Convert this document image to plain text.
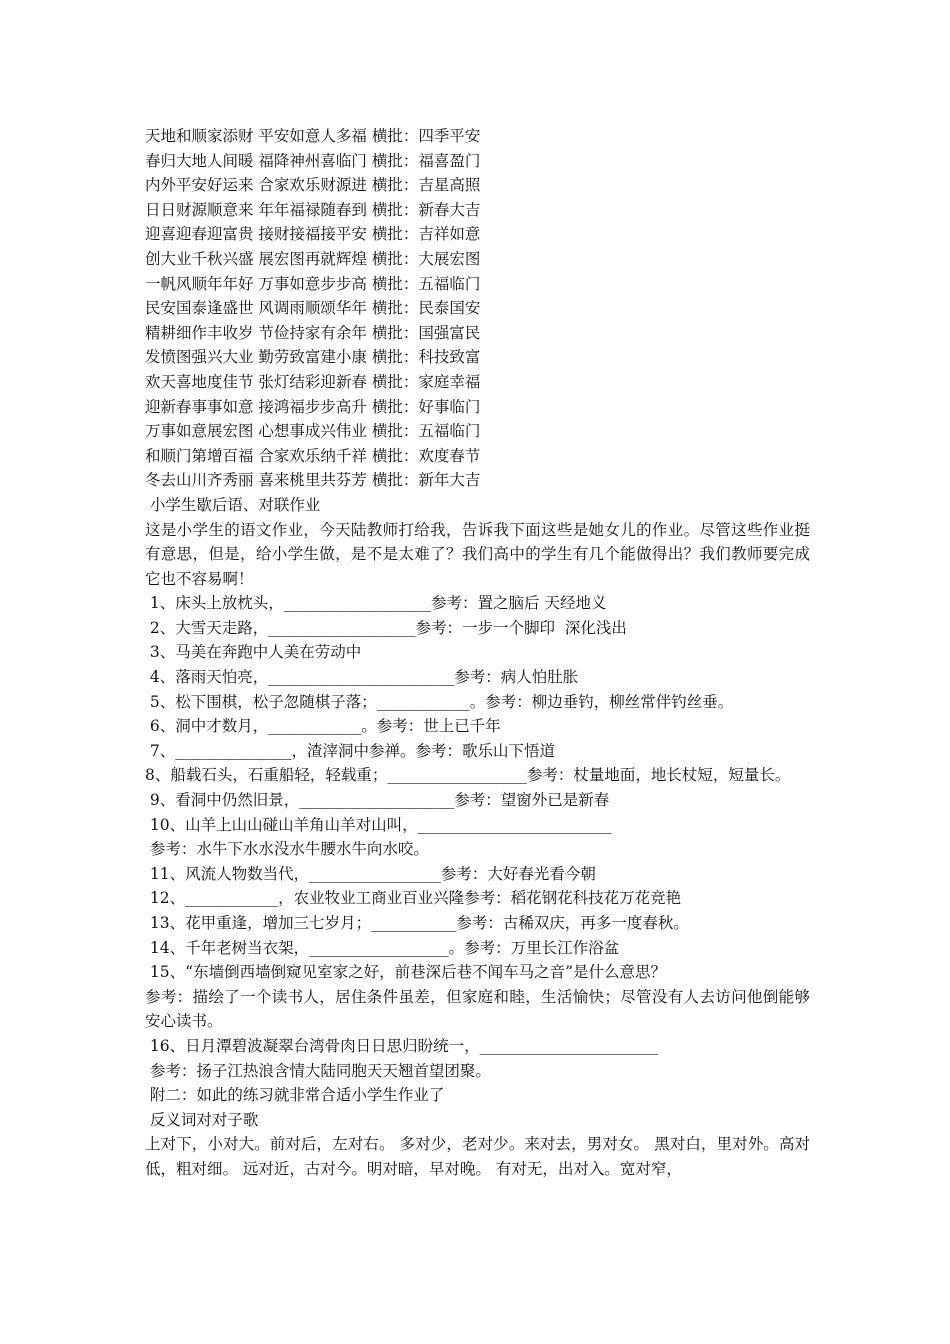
天地和顺家添财 平安如意人多福 横批：四季平安
春归大地人间暖 福降神州喜临门 横批：福喜盈门
内外平安好运来 合家欢乐财源进 横批：吉星高照
日日财源顺意来 年年福禄随春到 横批：新春大吉
迎喜迎春迎富贵 接财接福接平安 横批：吉祥如意
创大业千秋兴盛 展宏图再就辉煌 横批：大展宏图
一帆风顺年年好 万事如意步步高 横批：五福临门
民安国泰逢盛世 风调雨顺颂华年 横批：民泰国安
精耕细作丰收岁 节俭持家有余年 横批：国强富民
发愤图强兴大业 勤劳致富建小康 横批：科技致富
欢天喜地度佳节 张灯结彩迎新春 横批：家庭幸福
迎新春事事如意 接鸿福步步高升 横批：好事临门
万事如意展宏图 心想事成兴伟业 横批：五福临门
和顺门第增百福 合家欢乐纳千祥 横批：欢度春节
冬去山川齐秀丽 喜来桃里共芬芳 横批：新年大吉
小学生歇后语、对联作业
这是小学生的语文作业，今天陆教师打给我，告诉我下面这些是她女儿的作业。尽管这些作业挺有意思，但是，给小学生做，是不是太难了？我们高中的学生有几个能做得出？我们教师要完成它也不容易啊！
1、床头上放枕头，___________________参考：置之脑后 天经地义
2、大雪天走路，___________________参考：一步一个脚印  深化浅出
3、马美在奔跑中人美在劳动中
4、落雨天怕亮，________________________参考：病人怕肚胀
5、松下围棋，松子忽随棋子落；____________。参考：柳边垂钓，柳丝常伴钓丝垂。
6、洞中才数月，____________。参考：世上已千年
7、_______________，渣滓洞中参禅。参考：歌乐山下悟道
8、船载石头，石重船轻，轻载重；__________________参考：杖量地面，地长杖短，短量长。
9、看洞中仍然旧景，____________________参考：望窗外已是新春
10、山羊上山山碰山羊角山羊对山叫，_________________________
参考：水牛下水水没水牛腰水牛向水咬。
11、风流人物数当代，_________________参考：大好春光看今朝
12、____________，农业牧业工商业百业兴隆参考：稻花钢花科技花万花竞艳
13、花甲重逢，增加三七岁月；___________参考：古稀双庆，再多一度春秋。
14、千年老树当衣架，__________________。参考：万里长江作浴盆
15、“东墙倒西墙倒窥见室家之好，前巷深后巷不闻车马之音”是什么意思？
参考：描绘了一个读书人，居住条件虽差，但家庭和睦，生活愉快；尽管没有人去访问他倒能够安心读书。
16、日月潭碧波凝翠台湾骨肉日日思归盼统一，_______________________
参考：扬子江热浪含情大陆同胞天天翘首望团聚。
附二：如此的练习就非常合适小学生作业了
反义词对对子歌
上对下，小对大。前对后，左对右。 多对少，老对少。来对去，男对女。 黑对白，里对外。高对低，粗对细。 远对近，古对今。明对暗，早对晚。 有对无，出对入。宽对窄，
